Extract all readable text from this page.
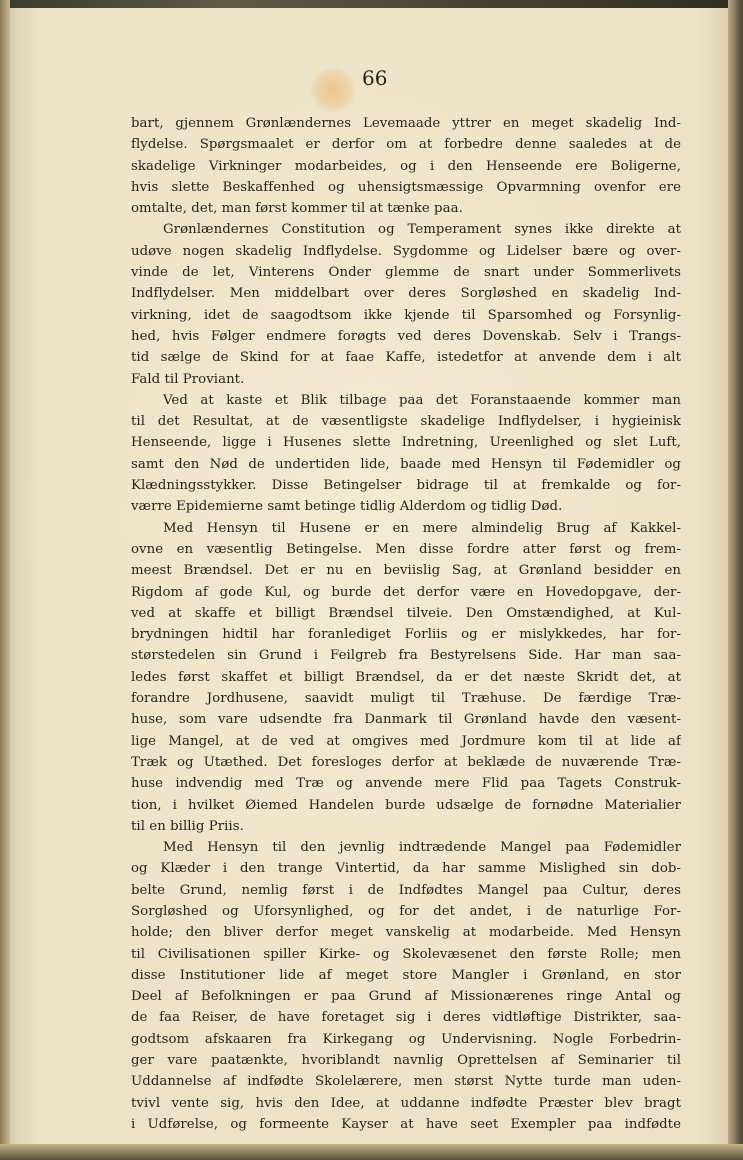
66
bart, gjennem Grønlændernes Levemaade yttrer en meget skadelig Ind-
flydelse. Spørgsmaalet er derfor om at forbedre denne saaledes at de
skadelige Virkninger modarbeides, og i den Henseende ere Boligerne,
hvis slette Beskaffenhed og uhensigtsmæssige Opvarmning ovenfor ere
omtalte, det, man først kommer til at tænke paa.
Grønlændernes Constitution og Temperament synes ikke direkte at
udøve nogen skadelig Indflydelse. Sygdomme og Lidelser bære og over-
vinde de let, Vinterens Onder glemme de snart under Sommerlivets
Indflydelser. Men middelbart over deres Sorgløshed en skadelig Ind-
virkning, idet de saagodtsom ikke kjende til Sparsomhed og Forsynlig-
hed, hvis Følger endmere forøgts ved deres Dovenskab. Selv i Trangs-
tid sælge de Skind for at faae Kaffe, istedetfor at anvende dem i alt
Fald til Proviant.
Ved at kaste et Blik tilbage paa det Foranstaaende kommer man
til det Resultat, at de væsentligste skadelige Indflydelser, i hygieinisk
Henseende, ligge i Husenes slette Indretning, Ureenlighed og slet Luft,
samt den Nød de undertiden lide, baade med Hensyn til Fødemidler og
Klædningsstykker. Disse Betingelser bidrage til at fremkalde og for-
værre Epidemierne samt betinge tidlig Alderdom og tidlig Død.
Med Hensyn til Husene er en mere almindelig Brug af Kakkel-
ovne en væsentlig Betingelse. Men disse fordre atter først og frem-
meest Brændsel. Det er nu en beviislig Sag, at Grønland besidder en
Rigdom af gode Kul, og burde det derfor være en Hovedopgave, der-
ved at skaffe et billigt Brændsel tilveie. Den Omstændighed, at Kul-
brydningen hidtil har foranlediget Forliis og er mislykkedes, har for-
størstedelen sin Grund i Feilgreb fra Bestyrelsens Side. Har man saa-
ledes først skaffet et billigt Brændsel, da er det næste Skridt det, at
forandre Jordhusene, saavidt muligt til Træhuse. De færdige Træ-
huse, som vare udsendte fra Danmark til Grønland havde den væsent-
lige Mangel, at de ved at omgives med Jordmure kom til at lide af
Træk og Utæthed. Det foresloges derfor at beklæde de nuværende Træ-
huse indvendig med Træ og anvende mere Flid paa Tagets Construk-
tion, i hvilket Øiemed Handelen burde udsælge de fornødne Materialier
til en billig Priis.
Med Hensyn til den jevnlig indtrædende Mangel paa Fødemidler
og Klæder i den trange Vintertid, da har samme Mislighed sin dob-
belte Grund, nemlig først i de Indfødtes Mangel paa Cultur, deres
Sorgløshed og Uforsynlighed, og for det andet, i de naturlige For-
holde; den bliver derfor meget vanskelig at modarbeide. Med Hensyn
til Civilisationen spiller Kirke- og Skolevæsenet den første Rolle; men
disse Institutioner lide af meget store Mangler i Grønland, en stor
Deel af Befolkningen er paa Grund af Missionærenes ringe Antal og
de faa Reiser, de have foretaget sig i deres vidtløftige Distrikter, saa-
godtsom afskaaren fra Kirkegang og Undervisning. Nogle Forbedrin-
ger vare paatænkte, hvoriblandt navnlig Oprettelsen af Seminarier til
Uddannelse af indfødte Skolelærere, men størst Nytte turde man uden-
tvivl vente sig, hvis den Idee, at uddanne indfødte Præster blev bragt
i Udførelse, og formeente Kayser at have seet Exempler paa indfødte
